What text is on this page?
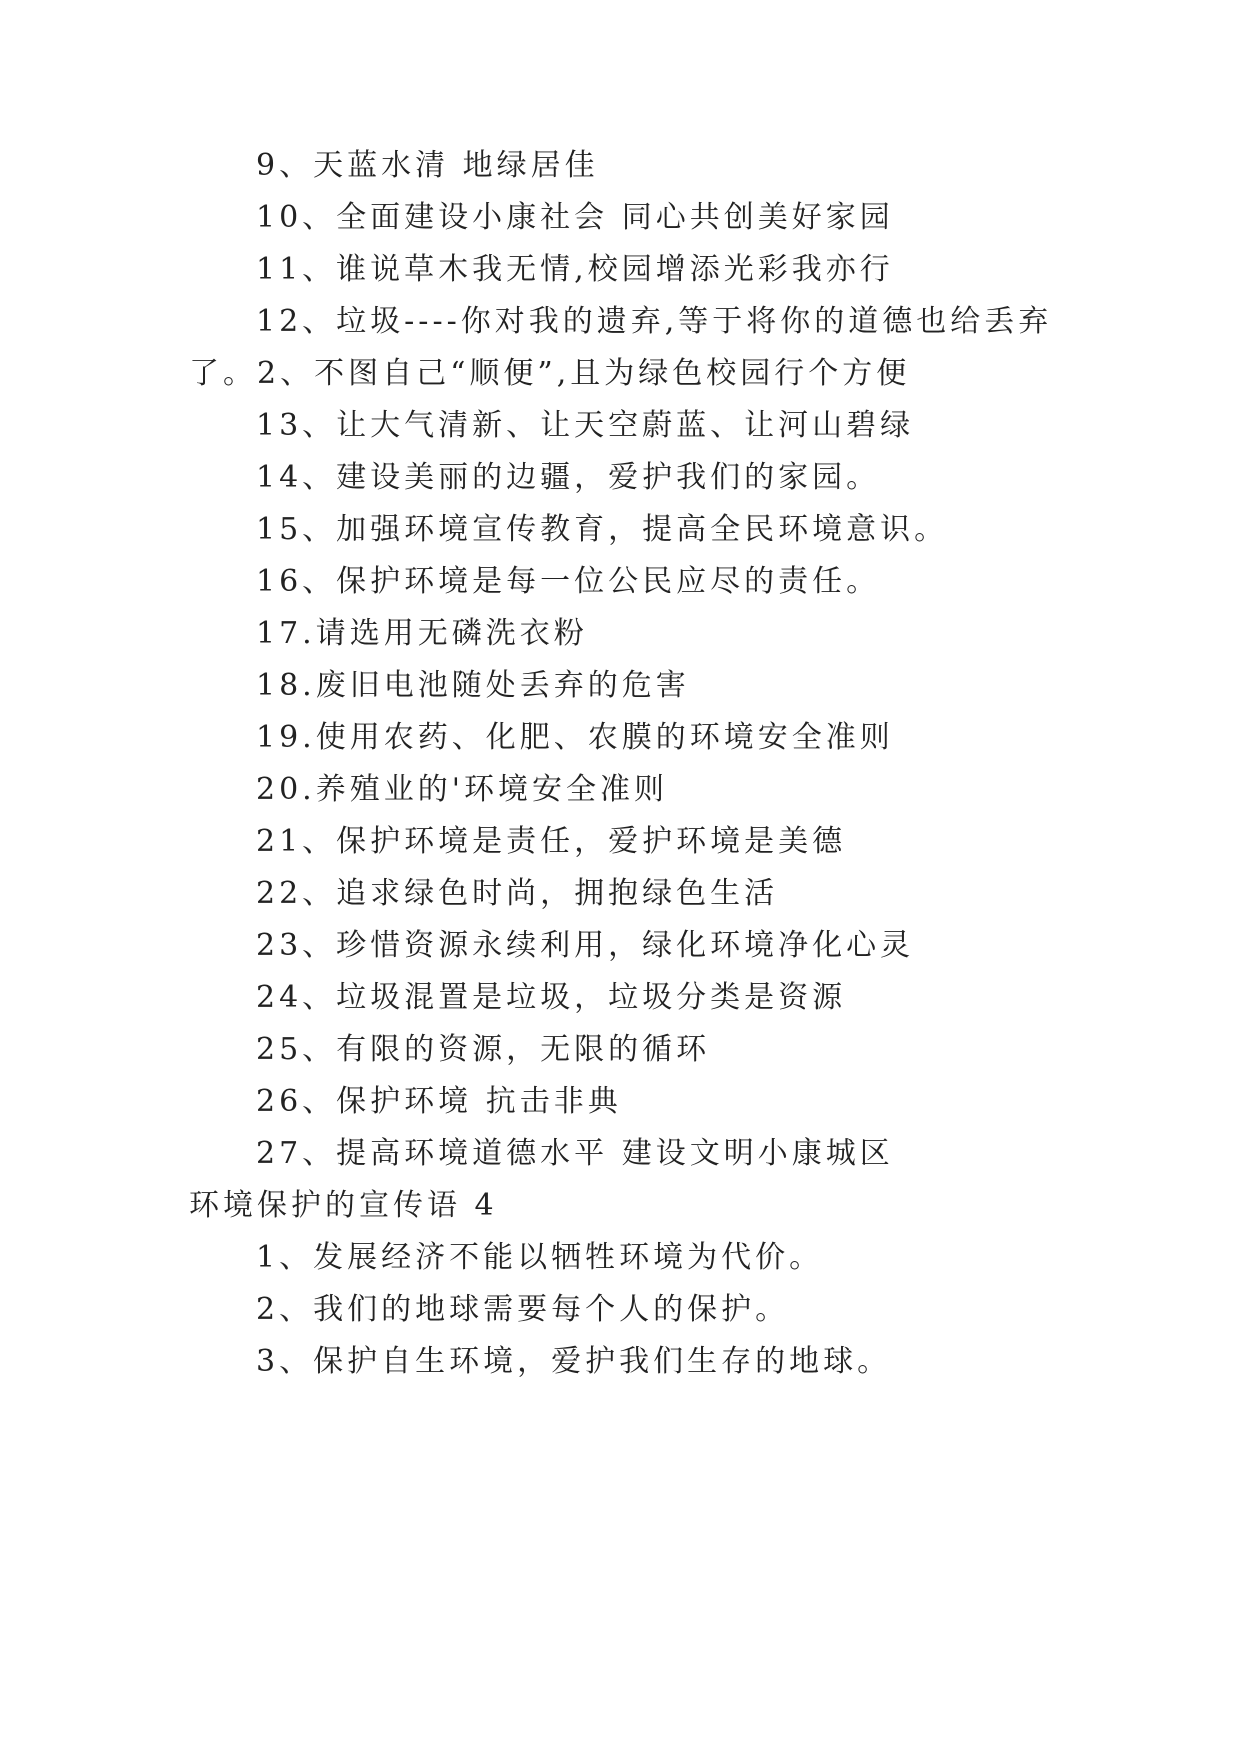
9、天蓝水清 地绿居佳
10、全面建设小康社会 同心共创美好家园
11、谁说草木我无情,校园增添光彩我亦行
12、垃圾----你对我的遗弃,等于将你的道德也给丢弃
了。2、不图自己“顺便”,且为绿色校园行个方便
13、让大气清新、让天空蔚蓝、让河山碧绿
14、建设美丽的边疆，爱护我们的家园。
15、加强环境宣传教育，提高全民环境意识。
16、保护环境是每一位公民应尽的责任。
17.请选用无磷洗衣粉
18.废旧电池随处丢弃的危害
19.使用农药、化肥、农膜的环境安全准则
20.养殖业的'环境安全准则
21、保护环境是责任，爱护环境是美德
22、追求绿色时尚，拥抱绿色生活
23、珍惜资源永续利用，绿化环境净化心灵
24、垃圾混置是垃圾，垃圾分类是资源
25、有限的资源，无限的循环
26、保护环境 抗击非典
27、提高环境道德水平 建设文明小康城区
环境保护的宣传语 4
1、发展经济不能以牺牲环境为代价。
2、我们的地球需要每个人的保护。
3、保护自生环境，爱护我们生存的地球。
